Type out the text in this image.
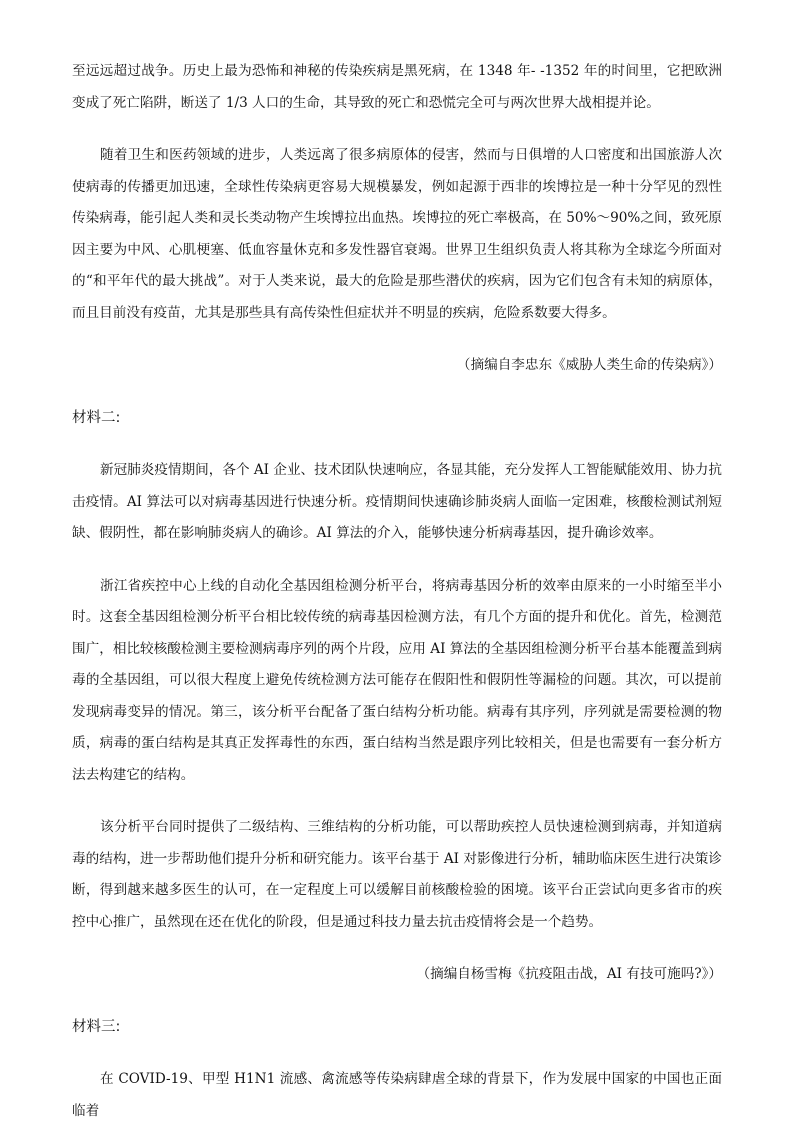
至远远超过战争。历史上最为恐怖和神秘的传染疾病是黑死病，在 1348 年- -1352 年的时间里，它把欧洲变成了死亡陷阱，断送了 1/3 人口的生命，其导致的死亡和恐慌完全可与两次世界大战相提并论。

随着卫生和医药领域的进步，人类远离了很多病原体的侵害，然而与日俱增的人口密度和出国旅游人次使病毒的传播更加迅速，全球性传染病更容易大规模暴发，例如起源于西非的埃博拉是一种十分罕见的烈性传染病毒，能引起人类和灵长类动物产生埃博拉出血热。埃博拉的死亡率极高，在 50%～90%之间，致死原因主要为中风、心肌梗塞、低血容量休克和多发性器官衰竭。世界卫生组织负责人将其称为全球迄今所面对的“和平年代的最大挑战”。对于人类来说，最大的危险是那些潜伏的疾病，因为它们包含有未知的病原体，而且目前没有疫苗，尤其是那些具有高传染性但症状并不明显的疾病，危险系数要大得多。

（摘编自李忠东《威胁人类生命的传染病》）

材料二:

新冠肺炎疫情期间，各个 AI 企业、技术团队快速响应，各显其能，充分发挥人工智能赋能效用、协力抗击疫情。AI 算法可以对病毒基因进行快速分析。疫情期间快速确诊肺炎病人面临一定困难，核酸检测试剂短缺、假阴性，都在影响肺炎病人的确诊。AI 算法的介入，能够快速分析病毒基因，提升确诊效率。

浙江省疾控中心上线的自动化全基因组检测分析平台，将病毒基因分析的效率由原来的一小时缩至半小时。这套全基因组检测分析平台相比较传统的病毒基因检测方法，有几个方面的提升和优化。首先，检测范围广，相比较核酸检测主要检测病毒序列的两个片段，应用 AI 算法的全基因组检测分析平台基本能覆盖到病毒的全基因组，可以很大程度上避免传统检测方法可能存在假阳性和假阴性等漏检的问题。其次，可以提前发现病毒变异的情况。第三，该分析平台配备了蛋白结构分析功能。病毒有其序列，序列就是需要检测的物质，病毒的蛋白结构是其真正发挥毒性的东西，蛋白结构当然是跟序列比较相关，但是也需要有一套分析方法去构建它的结构。

该分析平台同时提供了二级结构、三维结构的分析功能，可以帮助疾控人员快速检测到病毒，并知道病毒的结构，进一步帮助他们提升分析和研究能力。该平台基于 AI 对影像进行分析，辅助临床医生进行决策诊断，得到越来越多医生的认可，在一定程度上可以缓解目前核酸检验的困境。该平台正尝试向更多省市的疾控中心推广，虽然现在还在优化的阶段，但是通过科技力量去抗击疫情将会是一个趋势。

（摘编自杨雪梅《抗疫阻击战，AI 有技可施吗?》）

材料三:

在 COVID-19、甲型 H1N1 流感、禽流感等传染病肆虐全球的背景下，作为发展中国家的中国也正面临着
